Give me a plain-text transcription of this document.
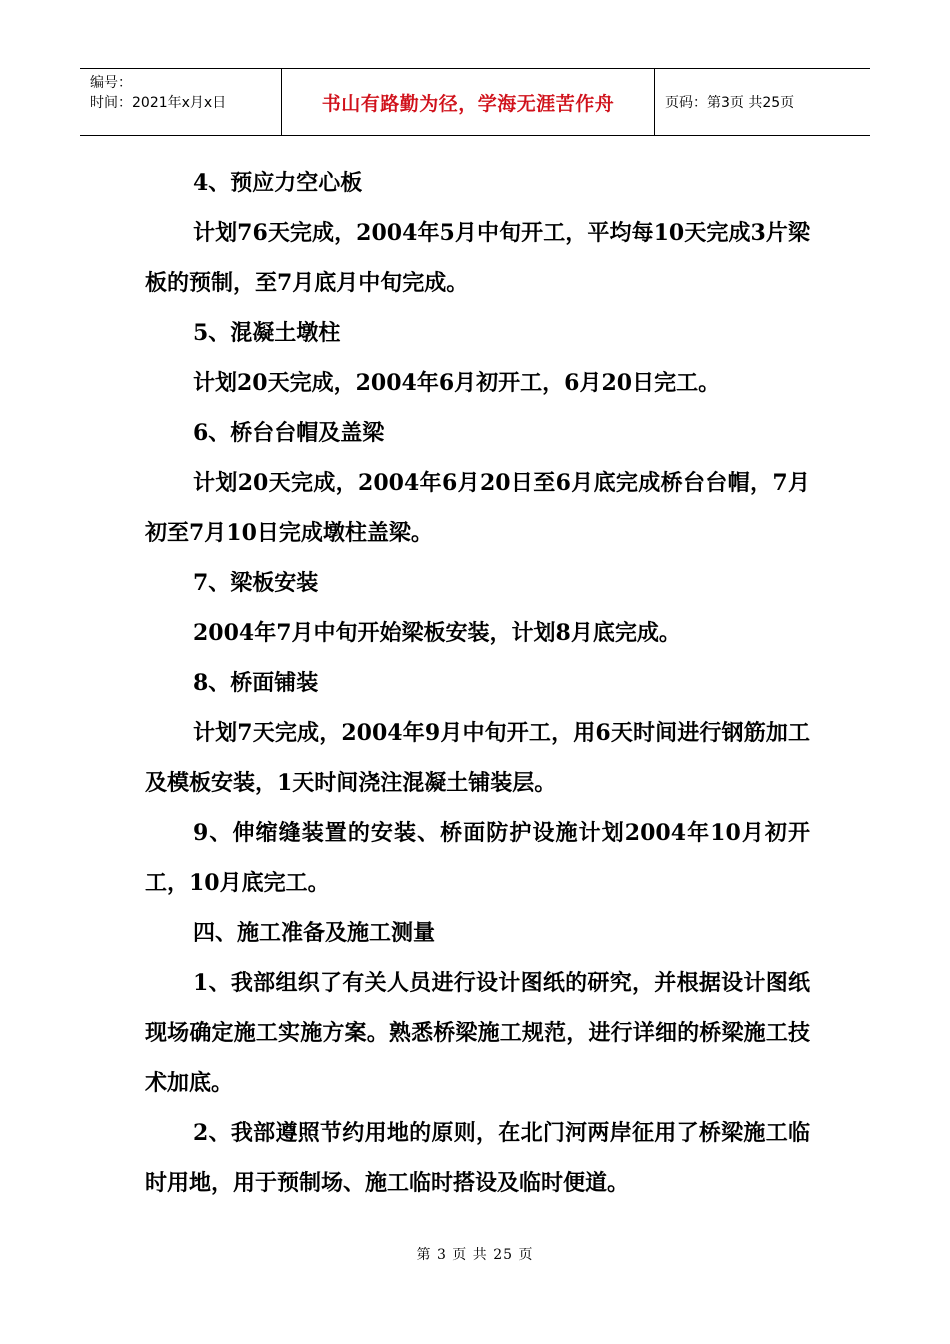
编号：
时间：2021年x月x日	书山有路勤为径，学海无涯苦作舟	页码：第3页 共25页

4、预应力空心板

计划76天完成，2004年5月中旬开工，平均每10天完成3片梁板的预制，至7月底月中旬完成。

5、混凝土墩柱

计划20天完成，2004年6月初开工，6月20日完工。

6、桥台台帽及盖梁

计划20天完成，2004年6月20日至6月底完成桥台台帽，7月初至7月10日完成墩柱盖梁。

7、梁板安装

2004年7月中旬开始梁板安装，计划8月底完成。

8、桥面铺装

计划7天完成，2004年9月中旬开工，用6天时间进行钢筋加工及模板安装，1天时间浇注混凝土铺装层。

9、伸缩缝装置的安装、桥面防护设施计划2004年10月初开工，10月底完工。

四、施工准备及施工测量

1、我部组织了有关人员进行设计图纸的研究，并根据设计图纸现场确定施工实施方案。熟悉桥梁施工规范，进行详细的桥梁施工技术加底。

2、我部遵照节约用地的原则，在北门河两岸征用了桥梁施工临时用地，用于预制场、施工临时搭设及临时便道。

第 3 页 共 25 页
